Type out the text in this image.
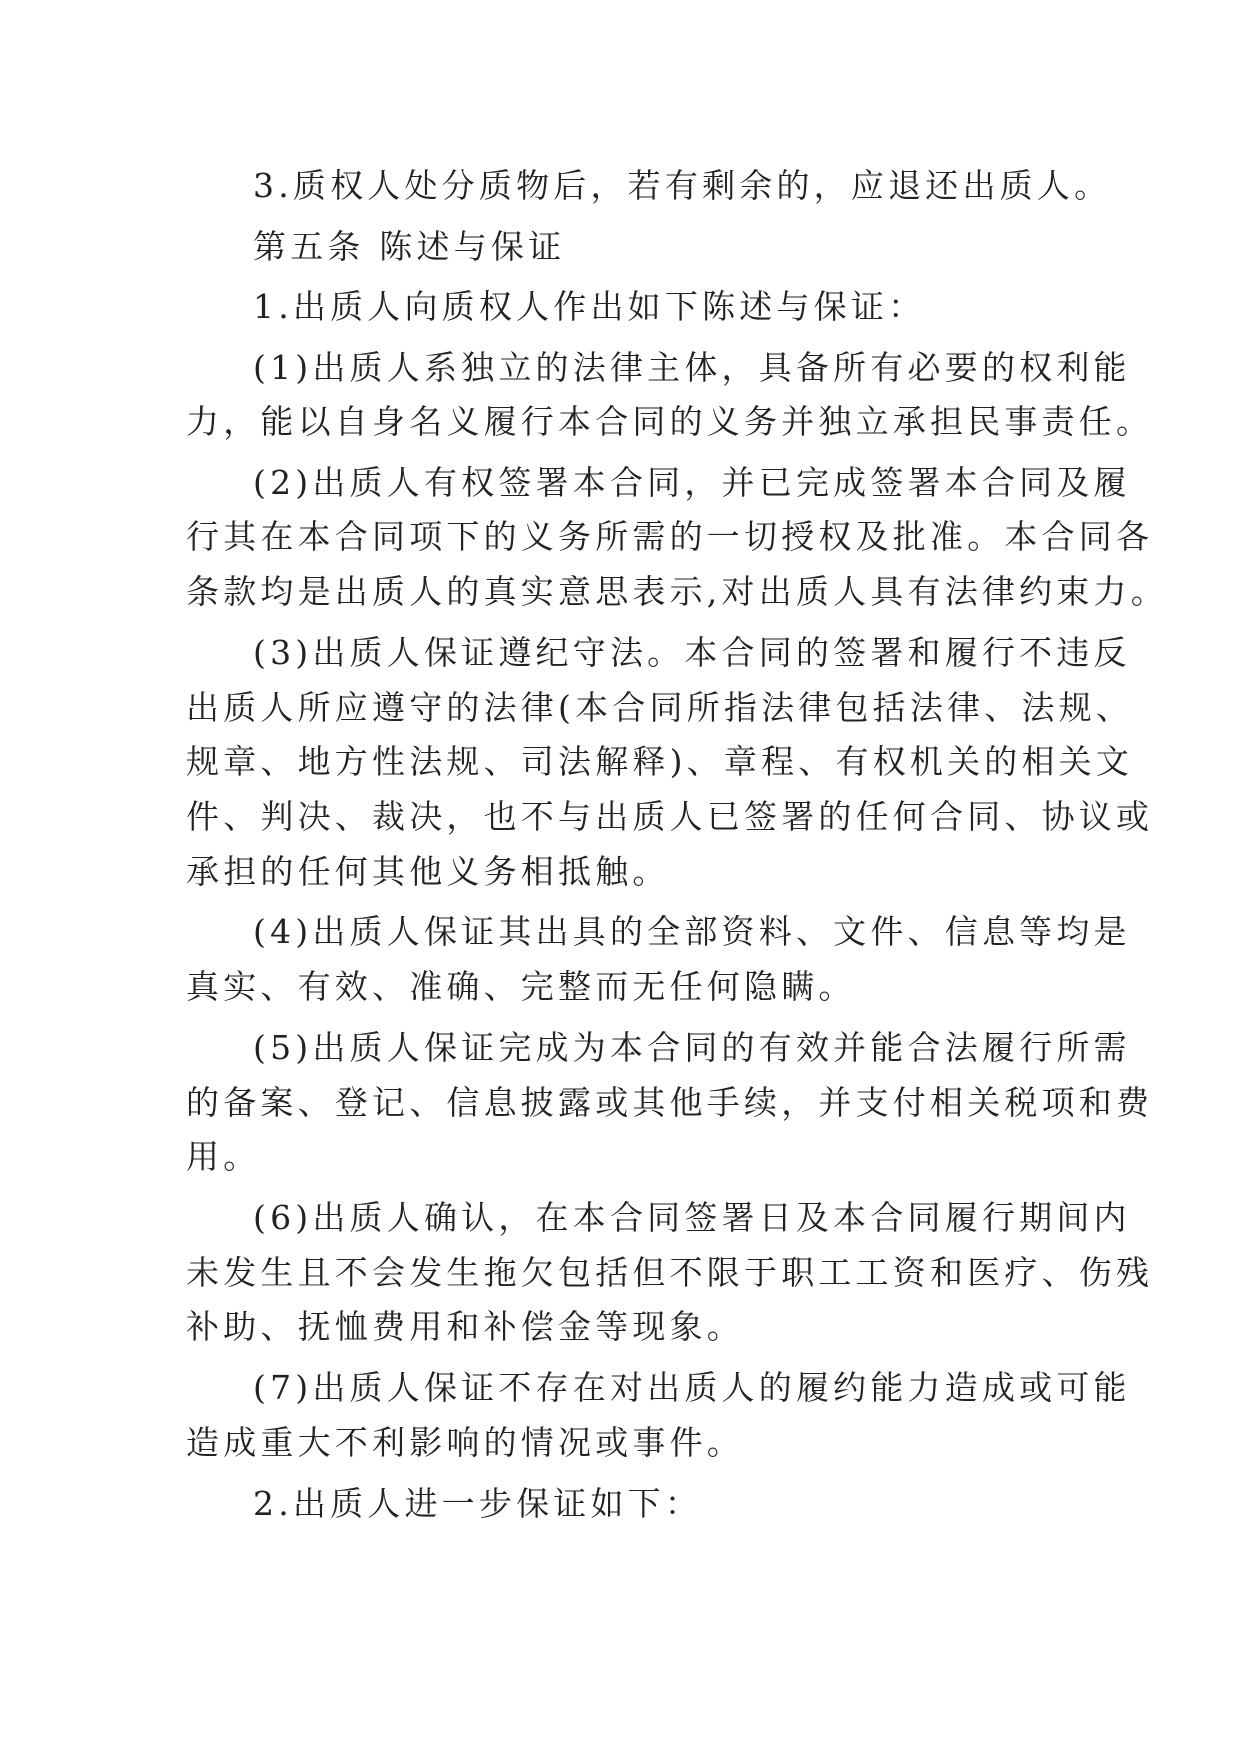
3.质权人处分质物后，若有剩余的，应退还出质人。
第五条 陈述与保证
1.出质人向质权人作出如下陈述与保证：
(1)出质人系独立的法律主体，具备所有必要的权利能
力，能以自身名义履行本合同的义务并独立承担民事责任。
(2)出质人有权签署本合同，并已完成签署本合同及履
行其在本合同项下的义务所需的一切授权及批准。本合同各
条款均是出质人的真实意思表示,对出质人具有法律约束力。
(3)出质人保证遵纪守法。本合同的签署和履行不违反
出质人所应遵守的法律(本合同所指法律包括法律、法规、
规章、地方性法规、司法解释)、章程、有权机关的相关文
件、判决、裁决，也不与出质人已签署的任何合同、协议或
承担的任何其他义务相抵触。
(4)出质人保证其出具的全部资料、文件、信息等均是
真实、有效、准确、完整而无任何隐瞒。
(5)出质人保证完成为本合同的有效并能合法履行所需
的备案、登记、信息披露或其他手续，并支付相关税项和费
用。
(6)出质人确认，在本合同签署日及本合同履行期间内
未发生且不会发生拖欠包括但不限于职工工资和医疗、伤残
补助、抚恤费用和补偿金等现象。
(7)出质人保证不存在对出质人的履约能力造成或可能
造成重大不利影响的情况或事件。
2.出质人进一步保证如下：
